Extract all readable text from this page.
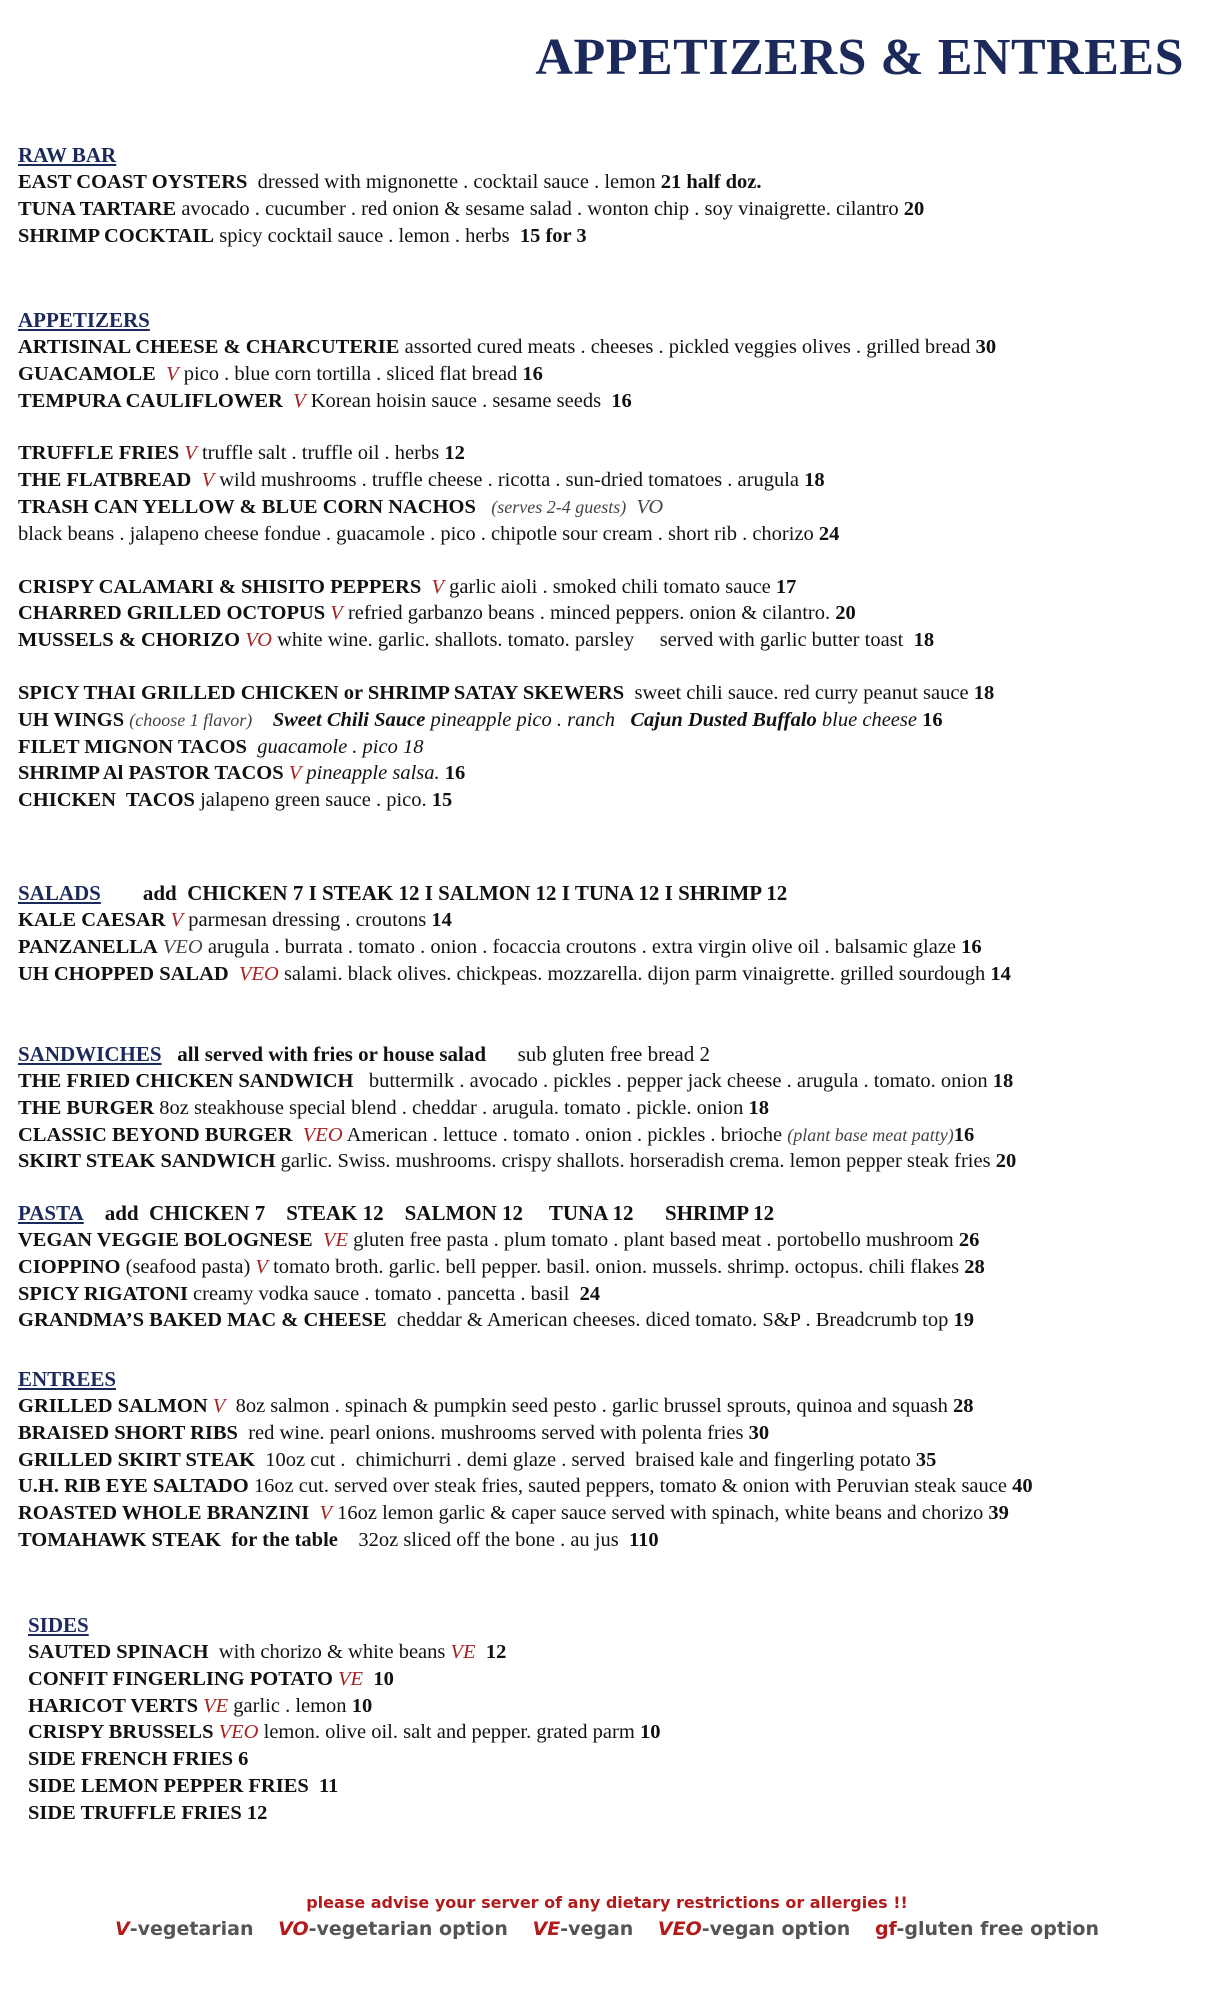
APPETIZERS & ENTREES
RAW BAR
EAST COAST OYSTERS dressed with mignonette . cocktail sauce . lemon 21 half doz.
TUNA TARTARE avocado . cucumber . red onion & sesame salad . wonton chip . soy vinaigrette. cilantro 20
SHRIMP COCKTAIL spicy cocktail sauce . lemon . herbs 15 for 3
APPETIZERS
ARTISINAL CHEESE & CHARCUTERIE assorted cured meats . cheeses . pickled veggies olives . grilled bread 30
GUACAMOLE V pico . blue corn tortilla . sliced flat bread 16
TEMPURA CAULIFLOWER V Korean hoisin sauce . sesame seeds 16
TRUFFLE FRIES V truffle salt . truffle oil . herbs 12
THE FLATBREAD V wild mushrooms . truffle cheese . ricotta . sun-dried tomatoes . arugula 18
TRASH CAN YELLOW & BLUE CORN NACHOS (serves 2-4 guests) VO
black beans . jalapeno cheese fondue . guacamole . pico . chipotle sour cream . short rib . chorizo 24
CRISPY CALAMARI & SHISITO PEPPERS V garlic aioli . smoked chili tomato sauce 17
CHARRED GRILLED OCTOPUS V refried garbanzo beans . minced peppers. onion & cilantro. 20
MUSSELS & CHORIZO VO white wine. garlic. shallots. tomato. parsley     served with garlic butter toast 18
SPICY THAI GRILLED CHICKEN or SHRIMP SATAY SKEWERS sweet chili sauce. red curry peanut sauce 18
UH WINGS (choose 1 flavor) Sweet Chili Sauce pineapple pico . ranch Cajun Dusted Buffalo blue cheese 16
FILET MIGNON TACOS guacamole . pico 18
SHRIMP Al PASTOR TACOS V pineapple salsa. 16
CHICKEN  TACOS jalapeno green sauce . pico. 15
SALADS add  CHICKEN 7 I STEAK 12 I SALMON 12 I TUNA 12 I SHRIMP 12
KALE CAESAR V parmesan dressing . croutons 14
PANZANELLA VEO arugula . burrata . tomato . onion . focaccia croutons . extra virgin olive oil . balsamic glaze 16
UH CHOPPED SALAD VEO salami. black olives. chickpeas. mozzarella. dijon parm vinaigrette. grilled sourdough 14
SANDWICHES all served with fries or house salad sub gluten free bread 2
THE FRIED CHICKEN SANDWICH buttermilk . avocado . pickles . pepper jack cheese . arugula . tomato. onion 18
THE BURGER 8oz steakhouse special blend . cheddar . arugula. tomato . pickle. onion 18
CLASSIC BEYOND BURGER VEO American . lettuce . tomato . onion . pickles . brioche (plant base meat patty)16
SKIRT STEAK SANDWICH garlic. Swiss. mushrooms. crispy shallots. horseradish crema. lemon pepper steak fries 20
PASTA add  CHICKEN 7    STEAK 12    SALMON 12     TUNA 12      SHRIMP 12
VEGAN VEGGIE BOLOGNESE VE gluten free pasta . plum tomato . plant based meat . portobello mushroom 26
CIOPPINO (seafood pasta) V tomato broth. garlic. bell pepper. basil. onion. mussels. shrimp. octopus. chili flakes 28
SPICY RIGATONI creamy vodka sauce . tomato . pancetta . basil 24
GRANDMA’S BAKED MAC & CHEESE cheddar & American cheeses. diced tomato. S&P . Breadcrumb top 19
ENTREES
GRILLED SALMON V 8oz salmon . spinach & pumpkin seed pesto . garlic brussel sprouts, quinoa and squash 28
BRAISED SHORT RIBS red wine. pearl onions. mushrooms served with polenta fries 30
GRILLED SKIRT STEAK 10oz cut .  chimichurri . demi glaze . served  braised kale and fingerling potato 35
U.H. RIB EYE SALTADO 16oz cut. served over steak fries, sauted peppers, tomato & onion with Peruvian steak sauce 40
ROASTED WHOLE BRANZINI V 16oz lemon garlic & caper sauce served with spinach, white beans and chorizo 39
TOMAHAWK STEAK for the table 32oz sliced off the bone . au jus 110
SIDES
SAUTED SPINACH with chorizo & white beans VE 12
CONFIT FINGERLING POTATO VE 10
HARICOT VERTS VE garlic . lemon 10
CRISPY BRUSSELS VEO lemon. olive oil. salt and pepper. grated parm 10
SIDE FRENCH FRIES 6
SIDE LEMON PEPPER FRIES 11
SIDE TRUFFLE FRIES 12
please advise your server of any dietary restrictions or allergies !!
V-vegetarian VO-vegetarian option VE-vegan VEO-vegan option gf-gluten free option
